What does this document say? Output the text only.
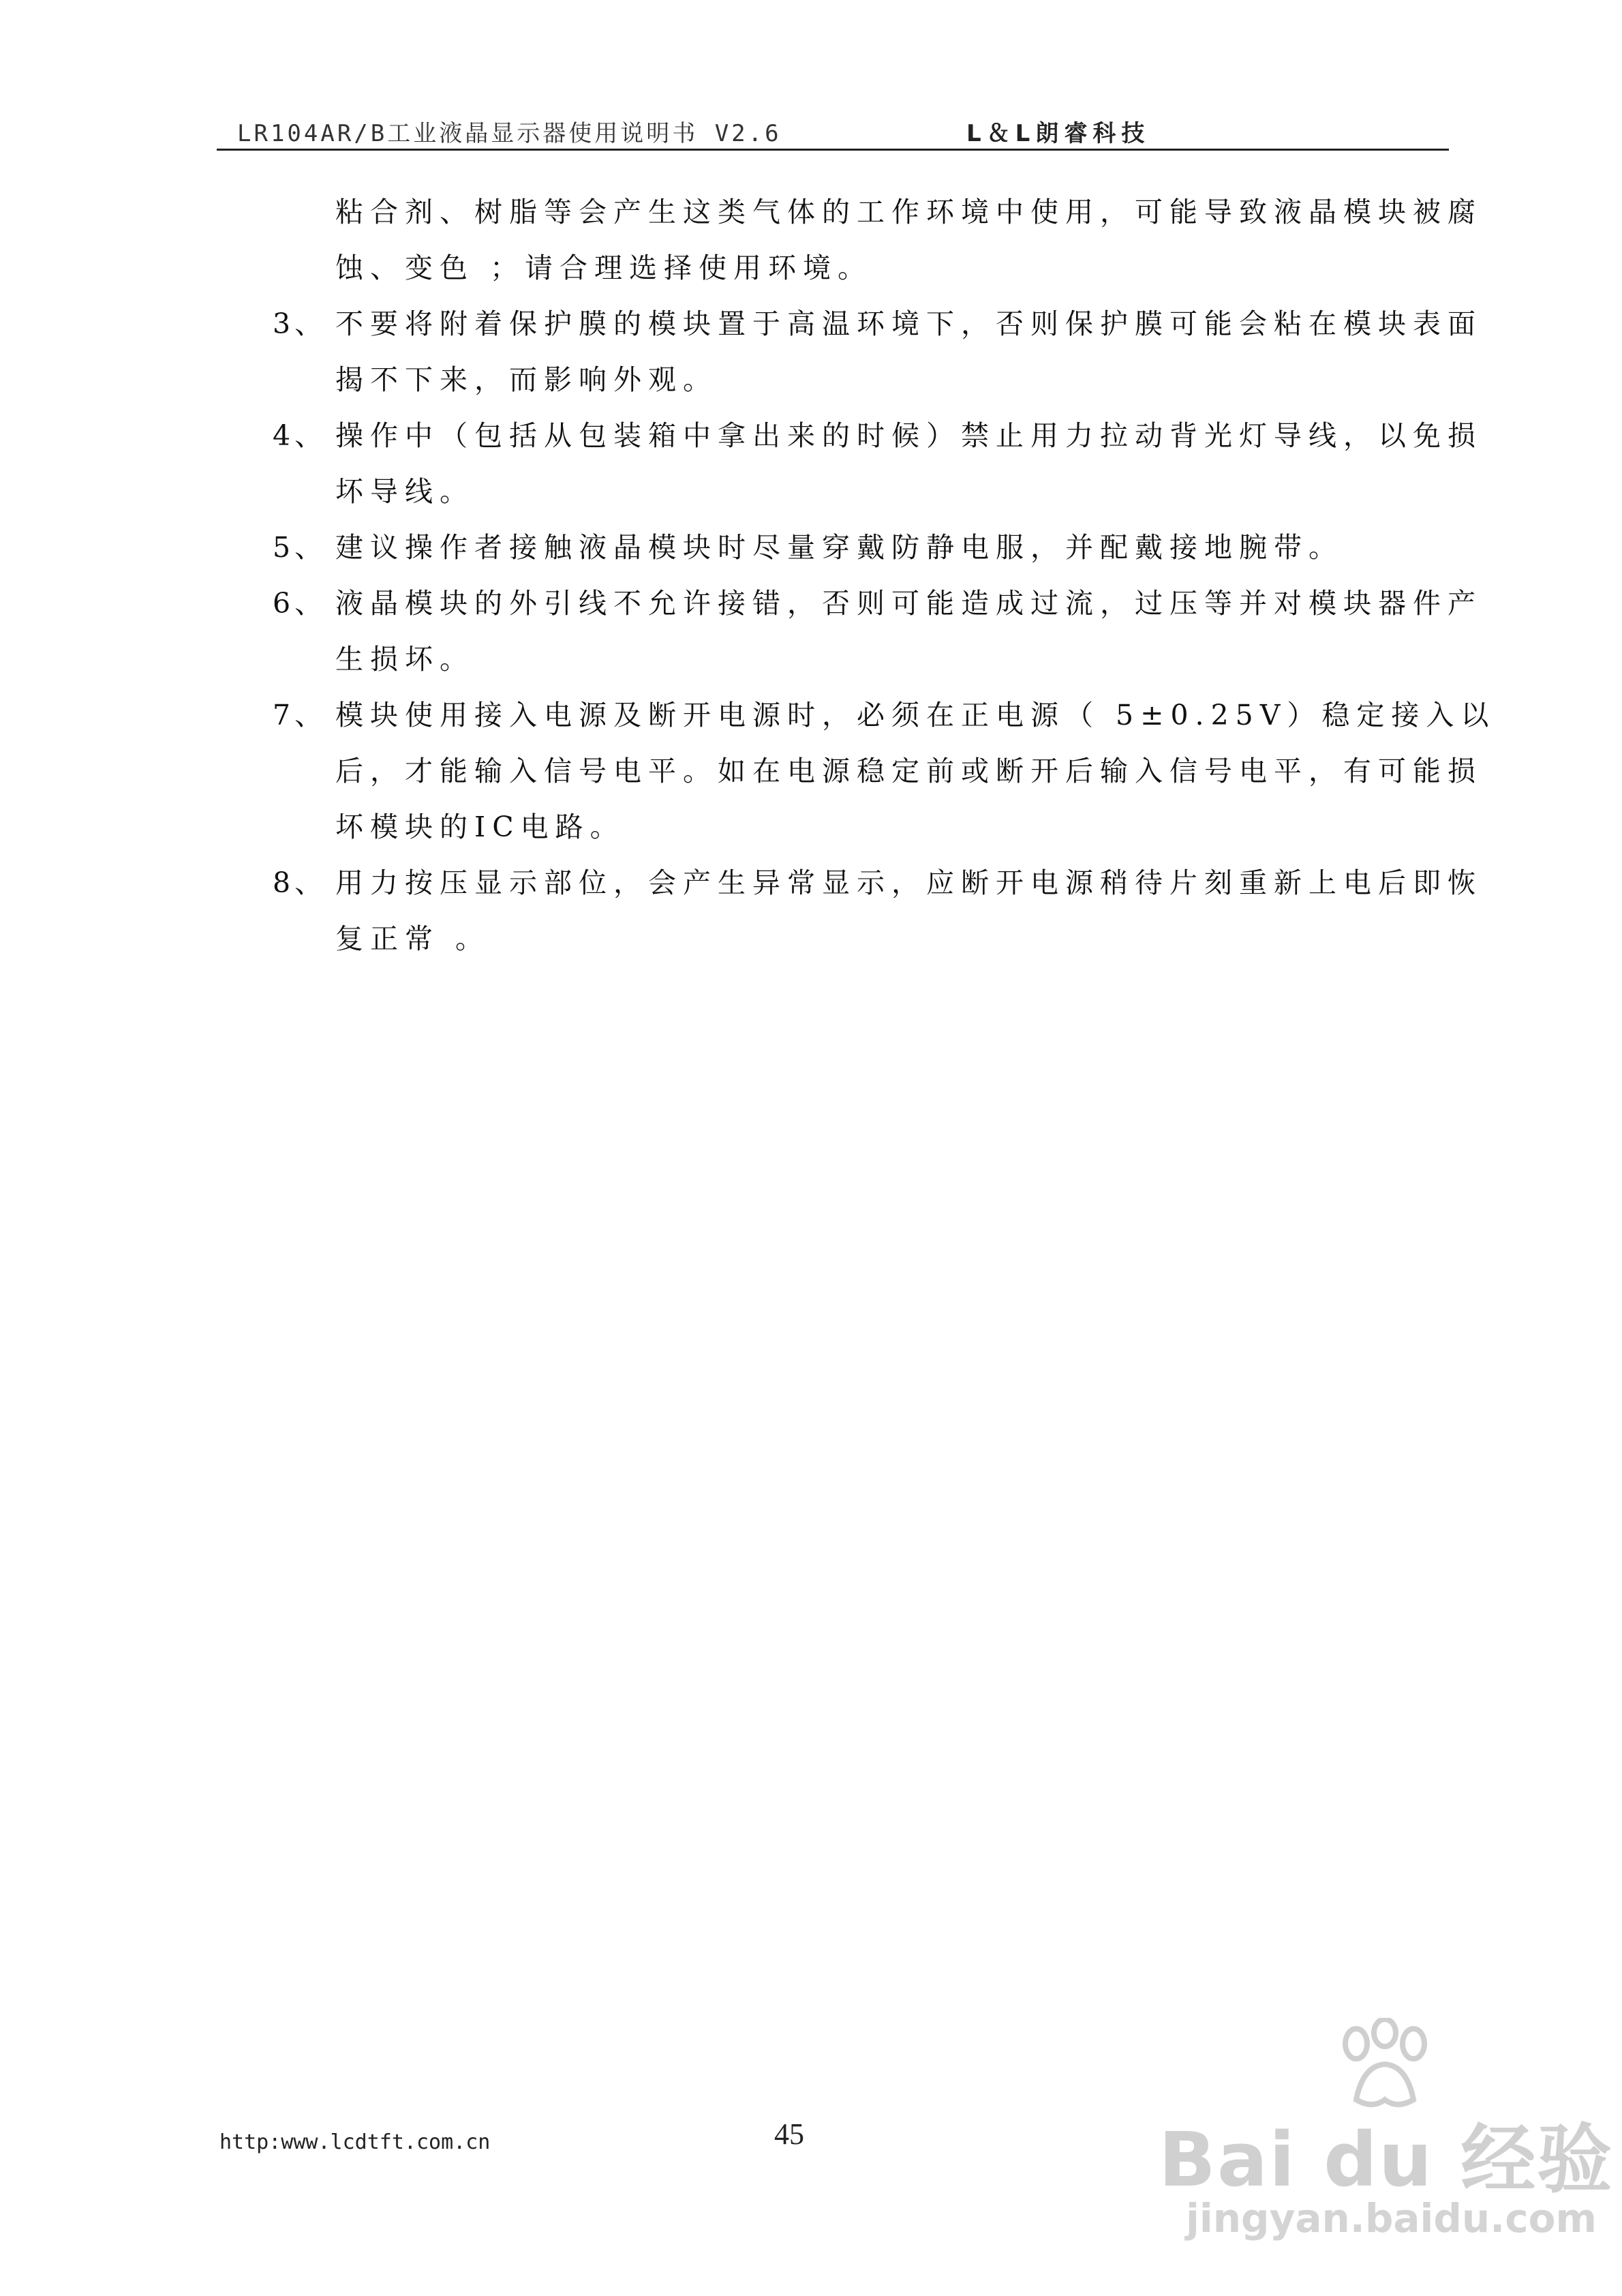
LR104AR/B工业液晶显示器使用说明书 V2.6	L＆L朗睿科技
粘合剂、树脂等会产生这类气体的工作环境中使用，可能导致液晶模块被腐
蚀、变色 ；请合理选择使用环境。
3、 不要将附着保护膜的模块置于高温环境下，否则保护膜可能会粘在模块表面
揭不下来，而影响外观。
4、 操作中（包括从包装箱中拿出来的时候）禁止用力拉动背光灯导线，以免损
坏导线。
5、 建议操作者接触液晶模块时尽量穿戴防静电服，并配戴接地腕带。
6、 液晶模块的外引线不允许接错，否则可能造成过流，过压等并对模块器件产
生损坏。
7、 模块使用接入电源及断开电源时，必须在正电源（ 5±0.25V）稳定接入以
后，才能输入信号电平。如在电源稳定前或断开后输入信号电平，有可能损
坏模块的IC电路。
8、 用力按压显示部位，会产生异常显示，应断开电源稍待片刻重新上电后即恢
复正常 。
http:www.lcdtft.com.cn	45	Bai du 经验
jingyan.baidu.com
